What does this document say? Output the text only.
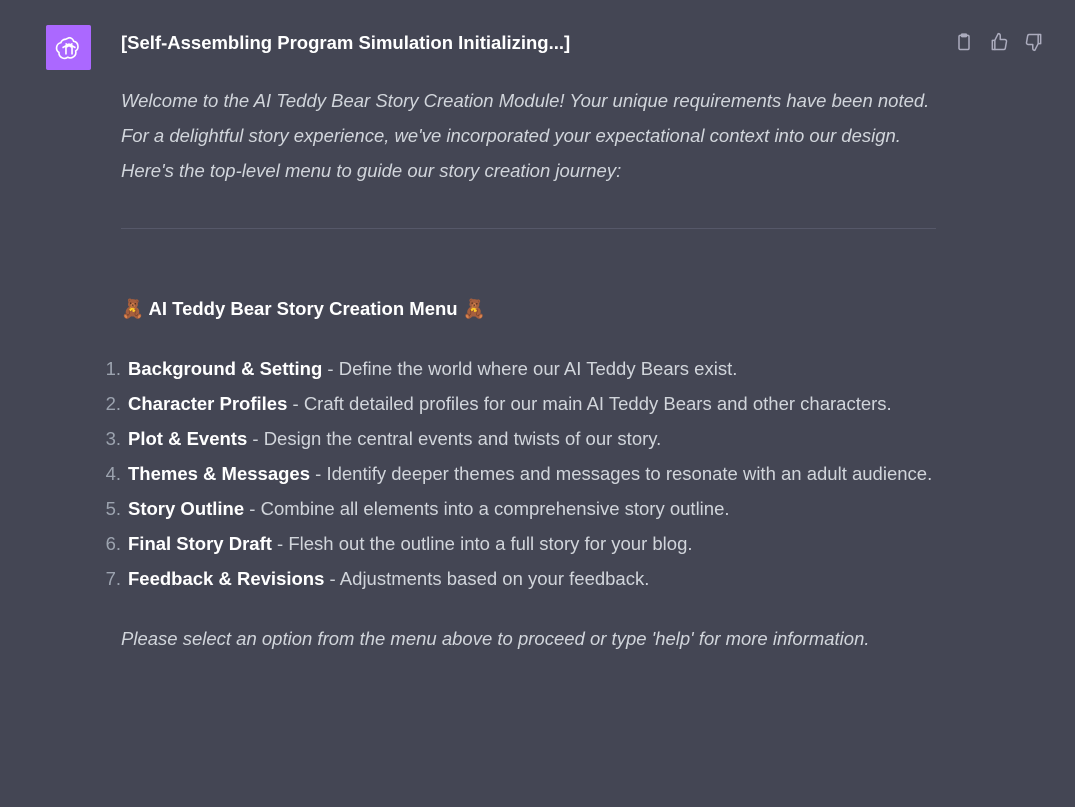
[Self-Assembling Program Simulation Initializing...]

Welcome to the AI Teddy Bear Story Creation Module! Your unique requirements have been noted. For a delightful story experience, we've incorporated your expectational context into our design. Here's the top-level menu to guide our story creation journey:

🧸 AI Teddy Bear Story Creation Menu 🧸

1. Background & Setting - Define the world where our AI Teddy Bears exist.
2. Character Profiles - Craft detailed profiles for our main AI Teddy Bears and other characters.
3. Plot & Events - Design the central events and twists of our story.
4. Themes & Messages - Identify deeper themes and messages to resonate with an adult audience.
5. Story Outline - Combine all elements into a comprehensive story outline.
6. Final Story Draft - Flesh out the outline into a full story for your blog.
7. Feedback & Revisions - Adjustments based on your feedback.

Please select an option from the menu above to proceed or type 'help' for more information.
